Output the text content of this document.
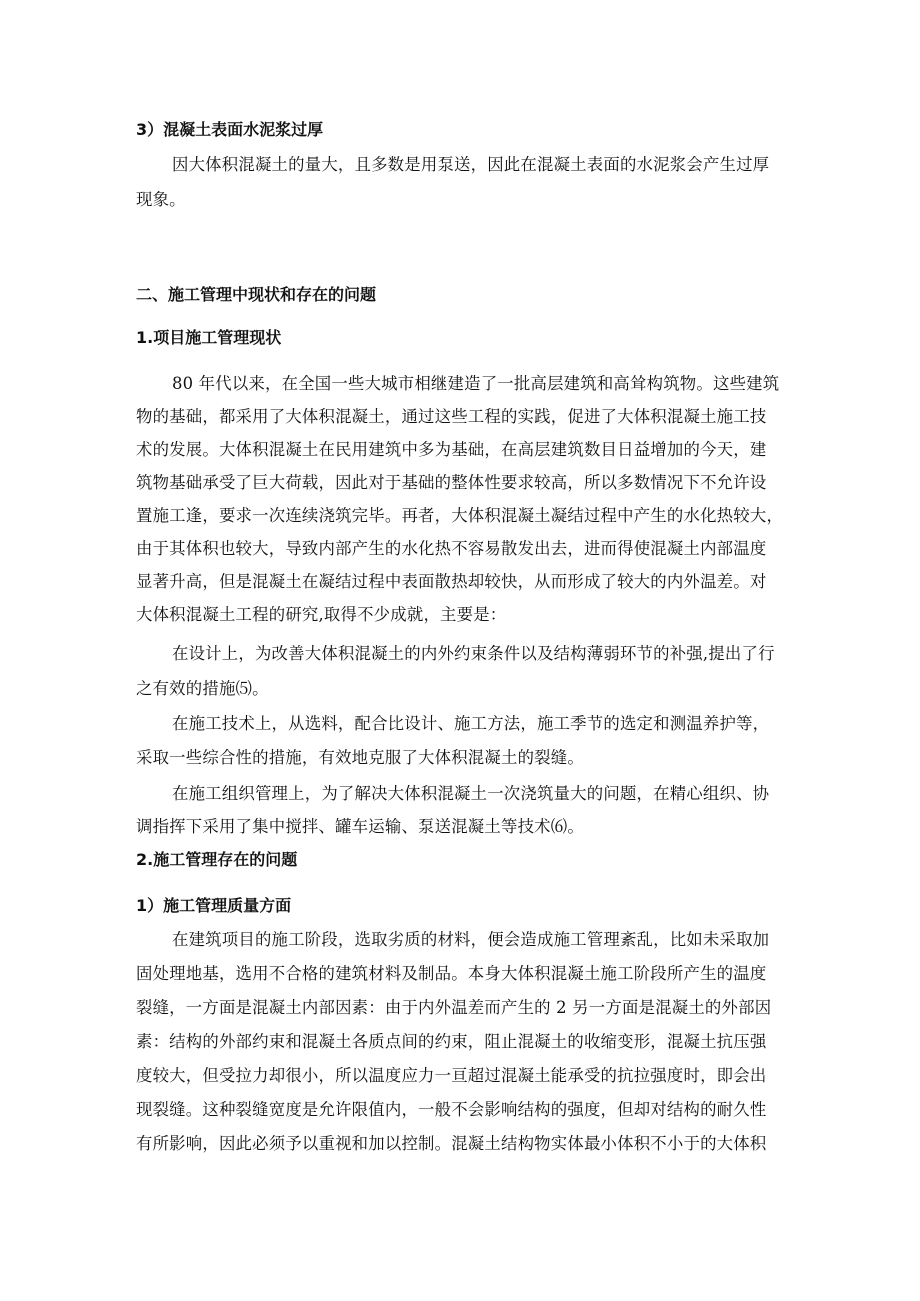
3）混凝土表面水泥浆过厚
因大体积混凝土的量大，且多数是用泵送，因此在混凝土表面的水泥浆会产生过厚
现象。
二、施工管理中现状和存在的问题
1.项目施工管理现状
80 年代以来，在全国一些大城市相继建造了一批高层建筑和高耸构筑物。这些建筑
物的基础，都采用了大体积混凝土，通过这些工程的实践，促进了大体积混凝土施工技
术的发展。大体积混凝土在民用建筑中多为基础，在高层建筑数目日益增加的今天，建
筑物基础承受了巨大荷载，因此对于基础的整体性要求较高，所以多数情况下不允许设
置施工逢，要求一次连续浇筑完毕。再者，大体积混凝土凝结过程中产生的水化热较大，
由于其体积也较大，导致内部产生的水化热不容易散发出去，进而得使混凝土内部温度
显著升高，但是混凝土在凝结过程中表面散热却较快，从而形成了较大的内外温差。对
大体积混凝土工程的研究,取得不少成就，主要是：
在设计上，为改善大体积混凝土的内外约束条件以及结构薄弱环节的补强,提出了行
之有效的措施⑸。
在施工技术上，从选料，配合比设计、施工方法，施工季节的选定和测温养护等，
采取一些综合性的措施，有效地克服了大体积混凝土的裂缝。
在施工组织管理上，为了解决大体积混凝土一次浇筑量大的问题，在精心组织、协
调指挥下采用了集中搅拌、罐车运输、泵送混凝土等技术⑹。
2.施工管理存在的问题
1）施工管理质量方面
在建筑项目的施工阶段，选取劣质的材料，便会造成施工管理紊乱，比如未采取加
固处理地基，选用不合格的建筑材料及制品。本身大体积混凝土施工阶段所产生的温度
裂缝，一方面是混凝土内部因素：由于内外温差而产生的 2 另一方面是混凝土的外部因
素：结构的外部约束和混凝土各质点间的约束，阻止混凝土的收缩变形，混凝土抗压强
度较大，但受拉力却很小，所以温度应力一亘超过混凝土能承受的抗拉强度时，即会出
现裂缝。这种裂缝宽度是允许限值内，一般不会影响结构的强度，但却对结构的耐久性
有所影响，因此必须予以重视和加以控制。混凝土结构物实体最小体积不小于的大体积
